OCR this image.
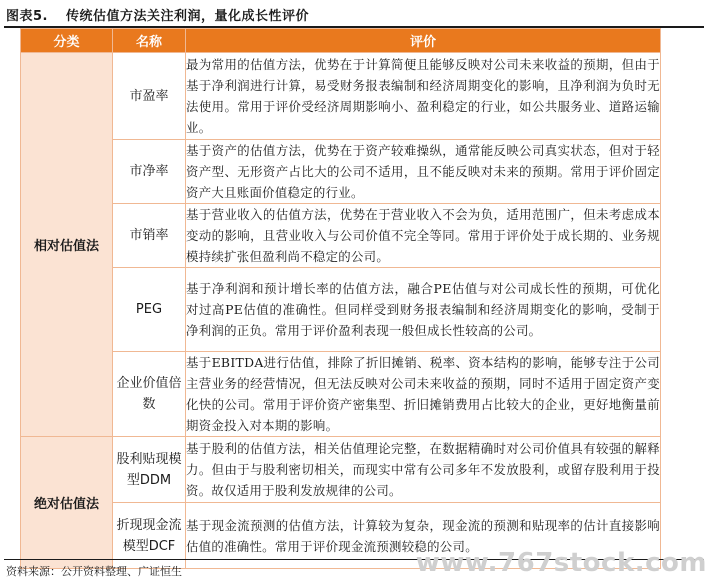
图表5. 传统估值方法关注利润，量化成长性评价
分类	名称	评价
相对估值法	市盈率	最为常用的估值方法，优势在于计算简便且能够反映对公司未来收益的预期，但由于基于净利润进行计算，易受财务报表编制和经济周期变化的影响，且净利润为负时无法使用。常用于评价受经济周期影响小、盈利稳定的行业，如公共服务业、道路运输业。
	市净率	基于资产的估值方法，优势在于资产较难操纵，通常能反映公司真实状态，但对于轻资产型、无形资产占比大的公司不适用，且不能反映对未来的预期。常用于评价固定资产大且账面价值稳定的行业。
	市销率	基于营业收入的估值方法，优势在于营业收入不会为负，适用范围广，但未考虑成本变动的影响，且营业收入与公司价值不完全等同。常用于评价处于成长期的、业务规模持续扩张但盈利尚不稳定的公司。
	PEG	基于净利润和预计增长率的估值方法，融合PE估值与对公司成长性的预期，可优化对过高PE估值的准确性。但同样受到财务报表编制和经济周期变化的影响，受制于净利润的正负。常用于评价盈利表现一般但成长性较高的公司。
	企业价值倍数	基于EBITDA进行估值，排除了折旧摊销、税率、资本结构的影响，能够专注于公司主营业务的经营情况，但无法反映对公司未来收益的预期，同时不适用于固定资产变化快的公司。常用于评价资产密集型、折旧摊销费用占比较大的企业，更好地衡量前期资金投入对本期的影响。
绝对估值法	股利贴现模型DDM	基于股利的估值方法，相关估值理论完整，在数据精确时对公司价值具有较强的解释力。但由于与股利密切相关，而现实中常有公司多年不发放股利，或留存股利用于投资。故仅适用于股利发放规律的公司。
	折现现金流模型DCF	基于现金流预测的估值方法，计算较为复杂，现金流的预测和贴现率的估计直接影响估值的准确性。常用于评价现金流预测较稳的公司。
资料来源：公开资料整理、广证恒生	www.767stock.com
